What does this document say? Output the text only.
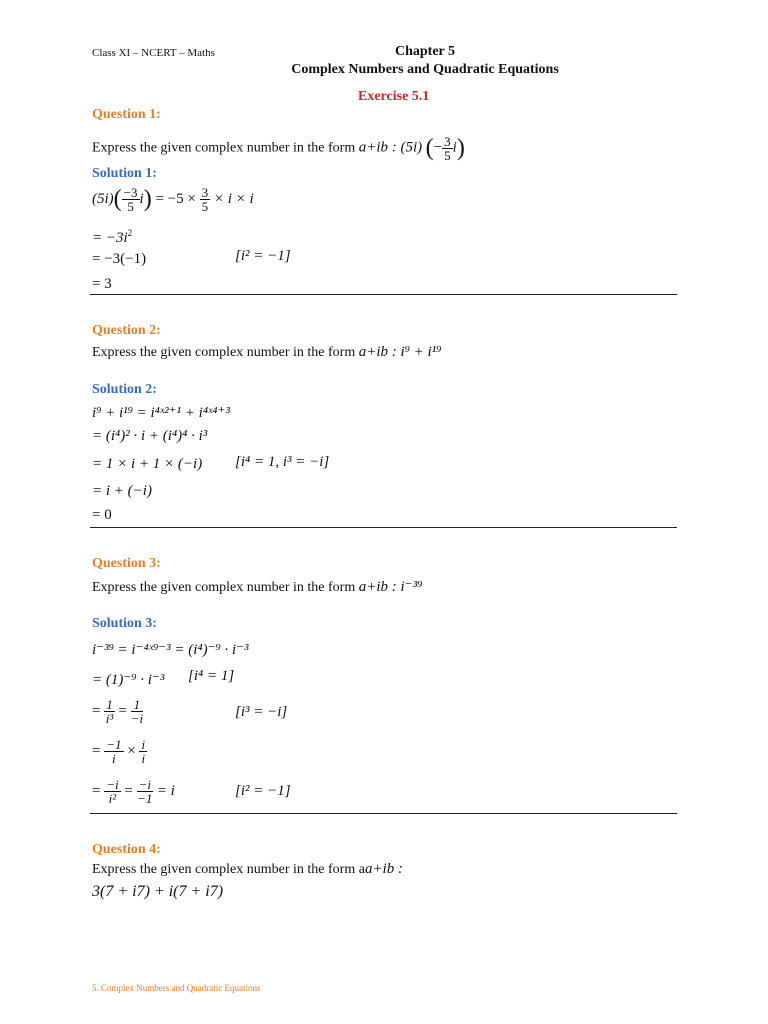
Class XI – NCERT – Maths	Chapter 5
Complex Numbers and Quadratic Equations
Exercise 5.1
Question 1:
Express the given complex number in the form a+ib : (5i) (− $\frac{3}{5} i$)
Solution 1:
$(5i)( \frac{-3}{5} i) = -5 \times \frac{3}{5} \times i \times i$
= $-3i^2$
= −3(−1)	[i² = −1]
= 3
Question 2:
Express the given complex number in the form a+ib : i⁹ + i¹⁹
Solution 2:
i⁹ + i¹⁹ = i⁴ˣ²⁺¹ + i⁴ˣ⁴⁺³
= (i⁴)² · i + (i⁴)⁴ · i³
= 1 × i + 1 × (−i) [i⁴ = 1, i³ = −i]
= i + (−i)
= 0
Question 3:
Express the given complex number in the form a+ib : i⁻³⁹
Solution 3:
i⁻³⁹ = i⁻⁴ˣ⁹⁻³ = (i⁴)⁻⁹ · i⁻³
= (1)⁻⁹ · i⁻³ [i⁴ = 1]
= $\frac{1}{\text{i³}} = \frac{1}{-i}$	[i³ = −i]
= $\frac{-1}{i} \times \frac{i}{i}$
= $\frac{-i}{\text{i²}} = \frac{-i}{-1} = i$	[i² = −1]
Question 4:
Express the given complex number in the form aa+ib :
3(7 + i7) + i(7 + i7)
5. Complex Numbers and Quadratic Equations
